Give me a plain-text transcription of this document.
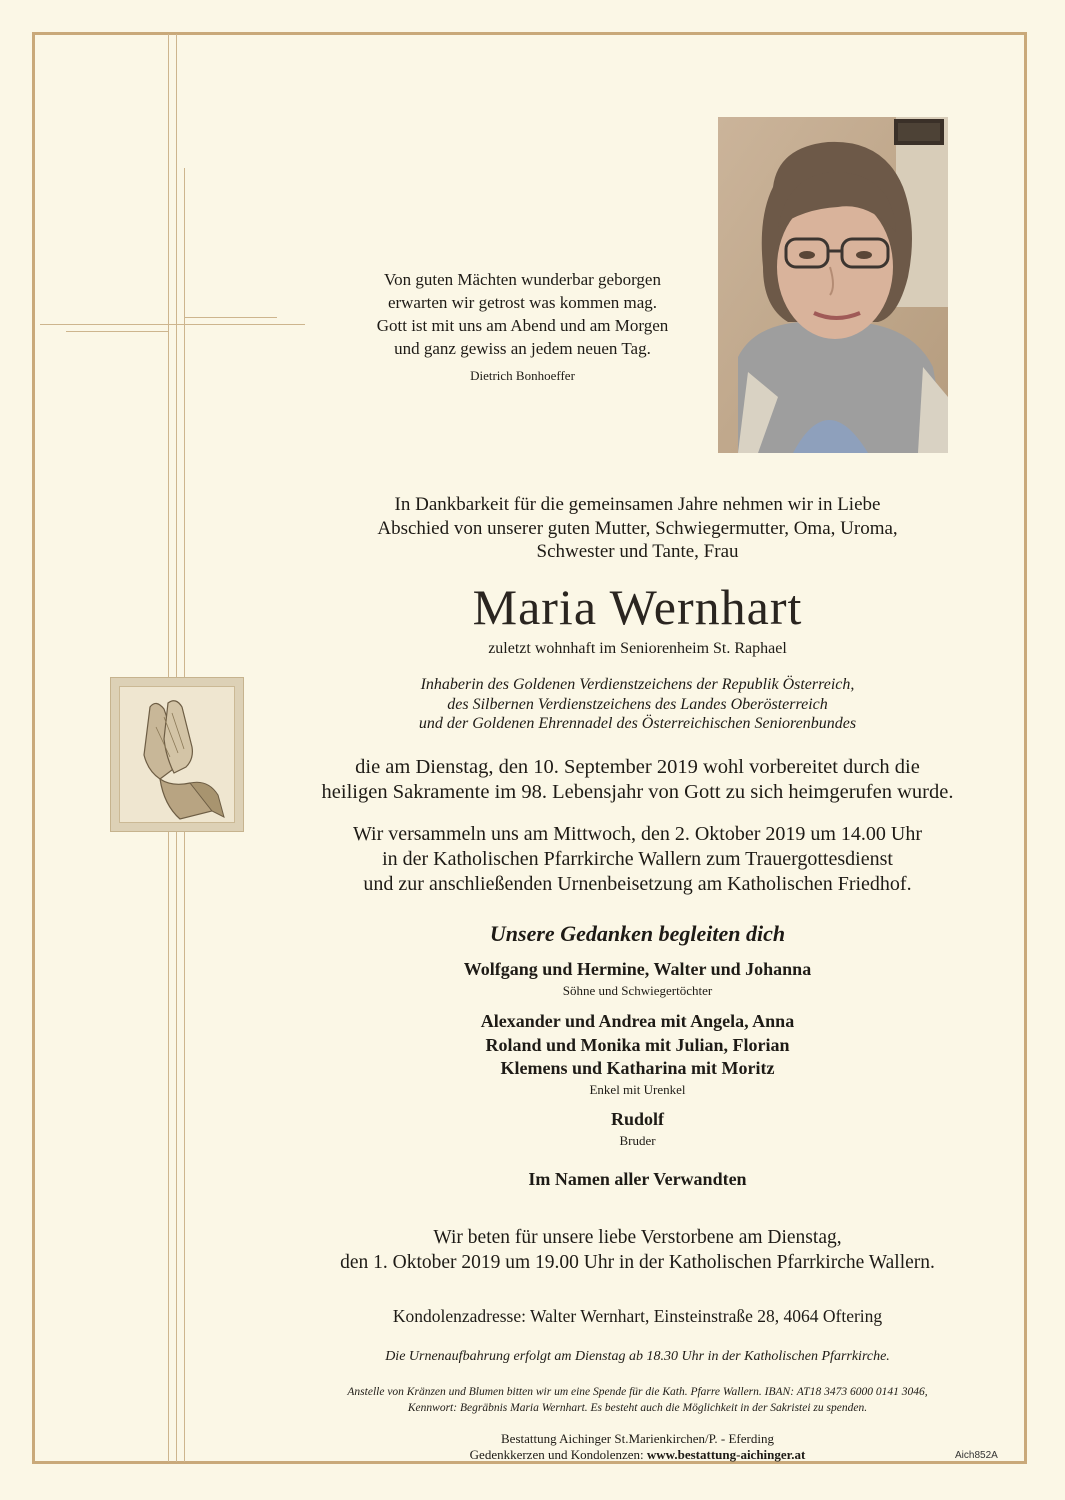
Von guten Mächten wunderbar geborgen
erwarten wir getrost was kommen mag.
Gott ist mit uns am Abend und am Morgen
und ganz gewiss an jedem neuen Tag.
Dietrich Bonhoeffer
In Dankbarkeit für die gemeinsamen Jahre nehmen wir in Liebe
Abschied von unserer guten Mutter, Schwiegermutter, Oma, Uroma,
Schwester und Tante, Frau
Maria Wernhart
zuletzt wohnhaft im Seniorenheim St. Raphael
Inhaberin des Goldenen Verdienstzeichens der Republik Österreich,
des Silbernen Verdienstzeichens des Landes Oberösterreich
und der Goldenen Ehrennadel des Österreichischen Seniorenbundes
die am Dienstag, den 10. September 2019 wohl vorbereitet durch die
heiligen Sakramente im 98. Lebensjahr von Gott zu sich heimgerufen wurde.
Wir versammeln uns am Mittwoch, den 2. Oktober 2019 um 14.00 Uhr
in der Katholischen Pfarrkirche Wallern zum Trauergottesdienst
und zur anschließenden Urnenbeisetzung am Katholischen Friedhof.
Unsere Gedanken begleiten dich
Wolfgang und Hermine, Walter und Johanna
Söhne und Schwiegertöchter
Alexander und Andrea mit Angela, Anna
Roland und Monika mit Julian, Florian
Klemens und Katharina mit Moritz
Enkel mit Urenkel
Rudolf
Bruder
Im Namen aller Verwandten
Wir beten für unsere liebe Verstorbene am Dienstag,
den 1. Oktober 2019 um 19.00 Uhr in der Katholischen Pfarrkirche Wallern.
Kondolenzadresse: Walter Wernhart, Einsteinstraße 28, 4064 Oftering
Die Urnenaufbahrung erfolgt am Dienstag ab 18.30 Uhr in der Katholischen Pfarrkirche.
Anstelle von Kränzen und Blumen bitten wir um eine Spende für die Kath. Pfarre Wallern. IBAN: AT18 3473 6000 0141 3046,
Kennwort: Begräbnis Maria Wernhart. Es besteht auch die Möglichkeit in der Sakristei zu spenden.
Bestattung Aichinger St.Marienkirchen/P. - Eferding
Gedenkkerzen und Kondolenzen: www.bestattung-aichinger.at	Aich852A
